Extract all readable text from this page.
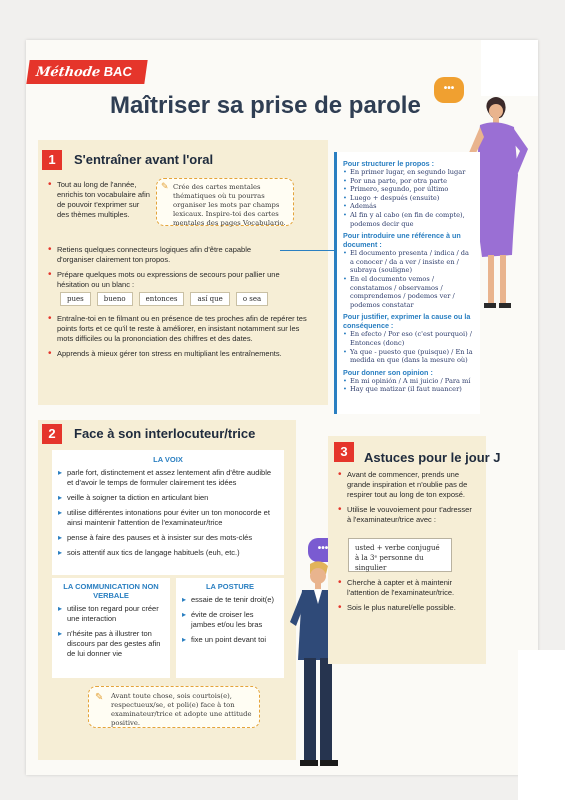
Méthode BAC
Maîtriser sa prise de parole
•••
1	S'entraîner avant l'oral
• Tout au long de l'année, enrichis ton vocabulaire afin de pouvoir t'exprimer sur des thèmes multiples.
✎ Crée des cartes mentales thématiques où tu pourras organiser les mots par champs lexicaux. Inspire-toi des cartes mentales des pages Vocabulario.
• Retiens quelques connecteurs logiques afin d'être capable d'organiser clairement ton propos.
• Prépare quelques mots ou expressions de secours pour pallier une hésitation ou un blanc :
pues	bueno	entonces	así que	o sea
• Entraîne-toi en te filmant ou en présence de tes proches afin de repérer tes points forts et ce qu'il te reste à améliorer, en insistant notamment sur les mots difficiles ou la prononciation des chiffres et des dates.
• Apprends à mieux gérer ton stress en multipliant les entraînements.
Pour structurer le propos :
• En primer lugar, en segundo lugar
• Por una parte, por otra parte
• Primero, segundo, por último
• Luego + después (ensuite)
• Además
• Al fin y al cabo (en fin de compte), podemos decir que
Pour introduire une référence à un document :
• El documento presenta / indica / da a conocer / da a ver / insiste en / subraya (souligne)
• En el documento vemos / constatamos / observamos / comprendemos / podemos ver / podemos constatar
Pour justifier, exprimer la cause ou la conséquence :
• En efecto / Por eso (c'est pourquoi) / Entonces (donc)
• Ya que - puesto que (puisque) / En la medida en que (dans la mesure où)
Pour donner son opinion :
• En mi opinión / A mi juicio / Para mí
• Hay que matizar (il faut nuancer)
2	Face à son interlocuteur/trice
LA VOIX
▸ parle fort, distinctement et assez lentement afin d'être audible et d'avoir le temps de formuler clairement tes idées
▸ veille à soigner ta diction en articulant bien
▸ utilise différentes intonations pour éviter un ton monocorde et ainsi maintenir l'attention de l'examinateur/trice
▸ pense à faire des pauses et à insister sur des mots-clés
▸ sois attentif aux tics de langage habituels (euh, etc.)
LA COMMUNICATION NON VERBALE
▸ utilise ton regard pour créer une interaction
▸ n'hésite pas à illustrer ton discours par des gestes afin de lui donner vie
LA POSTURE
▸ essaie de te tenir droit(e)
▸ évite de croiser les jambes et/ou les bras
▸ fixe un point devant toi
✎ Avant toute chose, sois courtois(e), respectueux/se, et poli(e) face à ton examinateur/trice et adopte une attitude positive.
•••
3	Astuces pour le jour J
• Avant de commencer, prends une grande inspiration et n'oublie pas de respirer tout au long de ton exposé.
• Utilise le vouvoiement pour t'adresser à l'examinateur/trice avec :
usted + verbe conjugué
à la 3ᵉ personne du singulier
• Cherche à capter et à maintenir l'attention de l'examinateur/trice.
• Sois le plus naturel/elle possible.
